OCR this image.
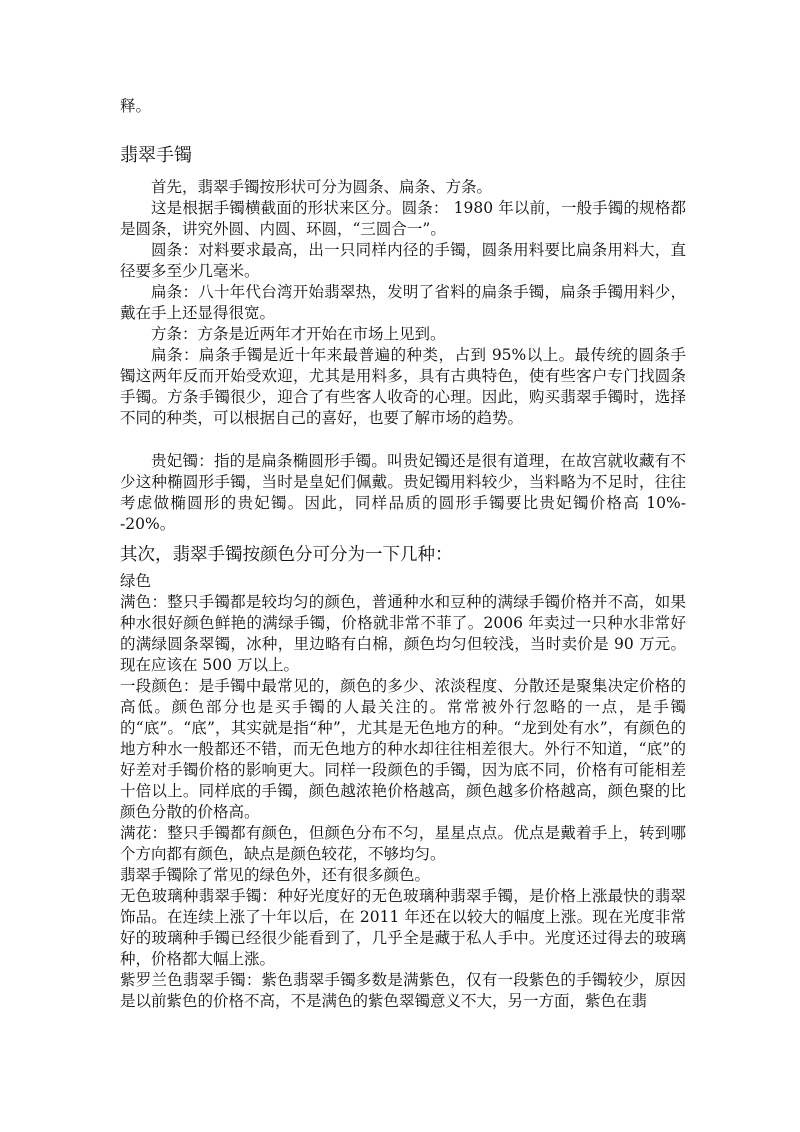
释。

翡翠手镯

首先，翡翠手镯按形状可分为圆条、扁条、方条。

这是根据手镯横截面的形状来区分。圆条： 1980 年以前，一般手镯的规格都是圆条，讲究外圆、内圆、环圆，“三圆合一”。

圆条：对料要求最高，出一只同样内径的手镯，圆条用料要比扁条用料大，直径要多至少几毫米。

扁条：八十年代台湾开始翡翠热，发明了省料的扁条手镯，扁条手镯用料少，戴在手上还显得很宽。

方条：方条是近两年才开始在市场上见到。

扁条：扁条手镯是近十年来最普遍的种类，占到 95%以上。最传统的圆条手镯这两年反而开始受欢迎，尤其是用料多，具有古典特色，使有些客户专门找圆条手镯。方条手镯很少，迎合了有些客人收奇的心理。因此，购买翡翠手镯时，选择不同的种类，可以根据自己的喜好，也要了解市场的趋势。

贵妃镯：指的是扁条椭圆形手镯。叫贵妃镯还是很有道理，在故宫就收藏有不少这种椭圆形手镯，当时是皇妃们佩戴。贵妃镯用料较少，当料略为不足时，往往考虑做椭圆形的贵妃镯。因此，同样品质的圆形手镯要比贵妃镯价格高 10%--20%。

其次，翡翠手镯按颜色分可分为一下几种：

绿色

满色：整只手镯都是较均匀的颜色，普通种水和豆种的满绿手镯价格并不高，如果种水很好颜色鲜艳的满绿手镯，价格就非常不菲了。2006 年卖过一只种水非常好的满绿圆条翠镯，冰种，里边略有白棉，颜色均匀但较浅，当时卖价是 90 万元。现在应该在 500 万以上。

一段颜色：是手镯中最常见的，颜色的多少、浓淡程度、分散还是聚集决定价格的高低。颜色部分也是买手镯的人最关注的。常常被外行忽略的一点，是手镯的“底”。“底”，其实就是指“种”，尤其是无色地方的种。“龙到处有水”，有颜色的地方种水一般都还不错，而无色地方的种水却往往相差很大。外行不知道，“底”的好差对手镯价格的影响更大。同样一段颜色的手镯，因为底不同，价格有可能相差十倍以上。同样底的手镯，颜色越浓艳价格越高，颜色越多价格越高，颜色聚的比颜色分散的价格高。

满花：整只手镯都有颜色，但颜色分布不匀，星星点点。优点是戴着手上，转到哪个方向都有颜色，缺点是颜色较花，不够均匀。

翡翠手镯除了常见的绿色外，还有很多颜色。

无色玻璃种翡翠手镯：种好光度好的无色玻璃种翡翠手镯，是价格上涨最快的翡翠饰品。在连续上涨了十年以后，在 2011 年还在以较大的幅度上涨。现在光度非常好的玻璃种手镯已经很少能看到了，几乎全是藏于私人手中。光度还过得去的玻璃种，价格都大幅上涨。

紫罗兰色翡翠手镯：紫色翡翠手镯多数是满紫色，仅有一段紫色的手镯较少，原因是以前紫色的价格不高，不是满色的紫色翠镯意义不大，另一方面，紫色在翡
